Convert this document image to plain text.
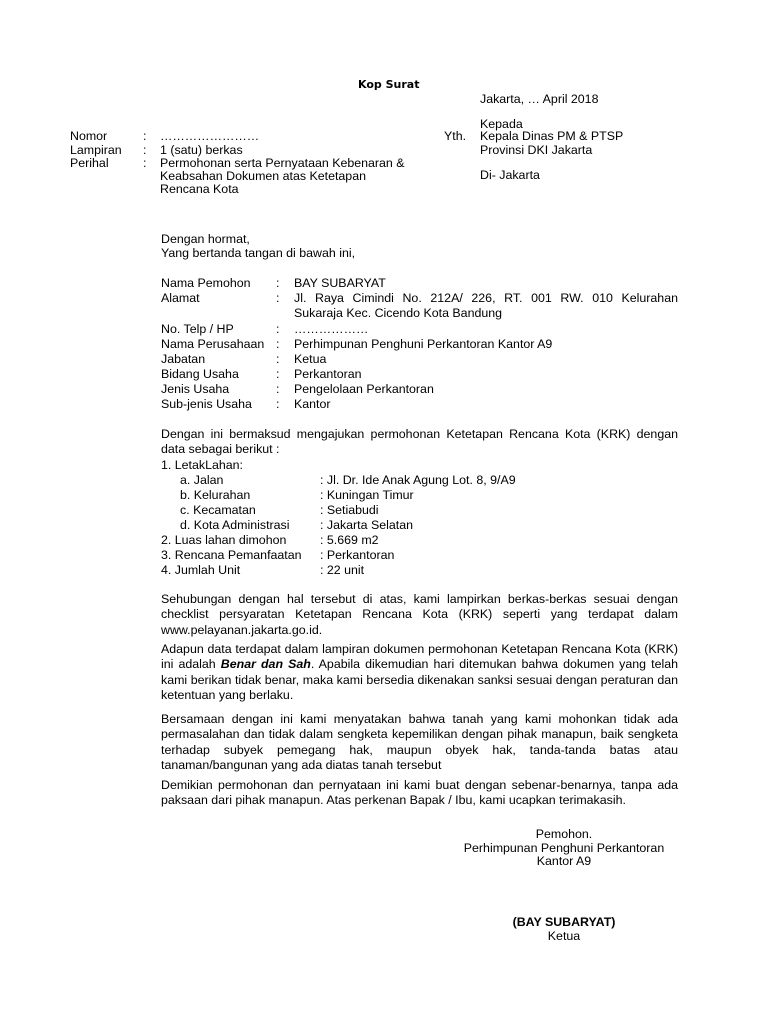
Kop Surat
Jakarta, … April 2018
Kepada
Yth. Kepala Dinas PM & PTSP
Provinsi DKI Jakarta
Di- Jakarta
Nomor	: ……………………
Lampiran : 1 (satu) berkas
Perihal	: Permohonan serta Pernyataan Kebenaran &
Keabsahan Dokumen atas Ketetapan
Rencana Kota
Dengan hormat,
Yang bertanda tangan di bawah ini,
Nama Pemohon : BAY SUBARYAT
Alamat	: Jl. Raya Cimindi No. 212A/ 226, RT. 001 RW. 010 Kelurahan
Sukaraja Kec. Cicendo Kota Bandung
No. Telp / HP	: ………………
Nama Perusahaan : Perhimpunan Penghuni Perkantoran Kantor A9
Jabatan	: Ketua
Bidang Usaha	: Perkantoran
Jenis Usaha	: Pengelolaan Perkantoran
Sub-jenis Usaha : Kantor
Dengan ini bermaksud mengajukan permohonan Ketetapan Rencana Kota (KRK) dengan data sebagai berikut :
1. LetakLahan:
a. Jalan	: Jl. Dr. Ide Anak Agung Lot. 8, 9/A9
b. Kelurahan	: Kuningan Timur
c. Kecamatan	: Setiabudi
d. Kota Administrasi : Jakarta Selatan
2. Luas lahan dimohon	: 5.669 m2
3. Rencana Pemanfaatan : Perkantoran
4. Jumlah Unit	: 22 unit
Sehubungan dengan hal tersebut di atas, kami lampirkan berkas-berkas sesuai dengan checklist persyaratan Ketetapan Rencana Kota (KRK) seperti yang terdapat dalam www.pelayanan.jakarta.go.id.
Adapun data terdapat dalam lampiran dokumen permohonan Ketetapan Rencana Kota (KRK) ini adalah Benar dan Sah. Apabila dikemudian hari ditemukan bahwa dokumen yang telah kami berikan tidak benar, maka kami bersedia dikenakan sanksi sesuai dengan peraturan dan ketentuan yang berlaku.
Bersamaan dengan ini kami menyatakan bahwa tanah yang kami mohonkan tidak ada permasalahan dan tidak dalam sengketa kepemilikan dengan pihak manapun, baik sengketa terhadap subyek pemegang hak, maupun obyek hak, tanda-tanda batas atau tanaman/bangunan yang ada diatas tanah tersebut
Demikian permohonan dan pernyataan ini kami buat dengan sebenar-benarnya, tanpa ada paksaan dari pihak manapun. Atas perkenan Bapak / Ibu, kami ucapkan terimakasih.
Pemohon.
Perhimpunan Penghuni Perkantoran
Kantor A9
(BAY SUBARYAT)
Ketua
